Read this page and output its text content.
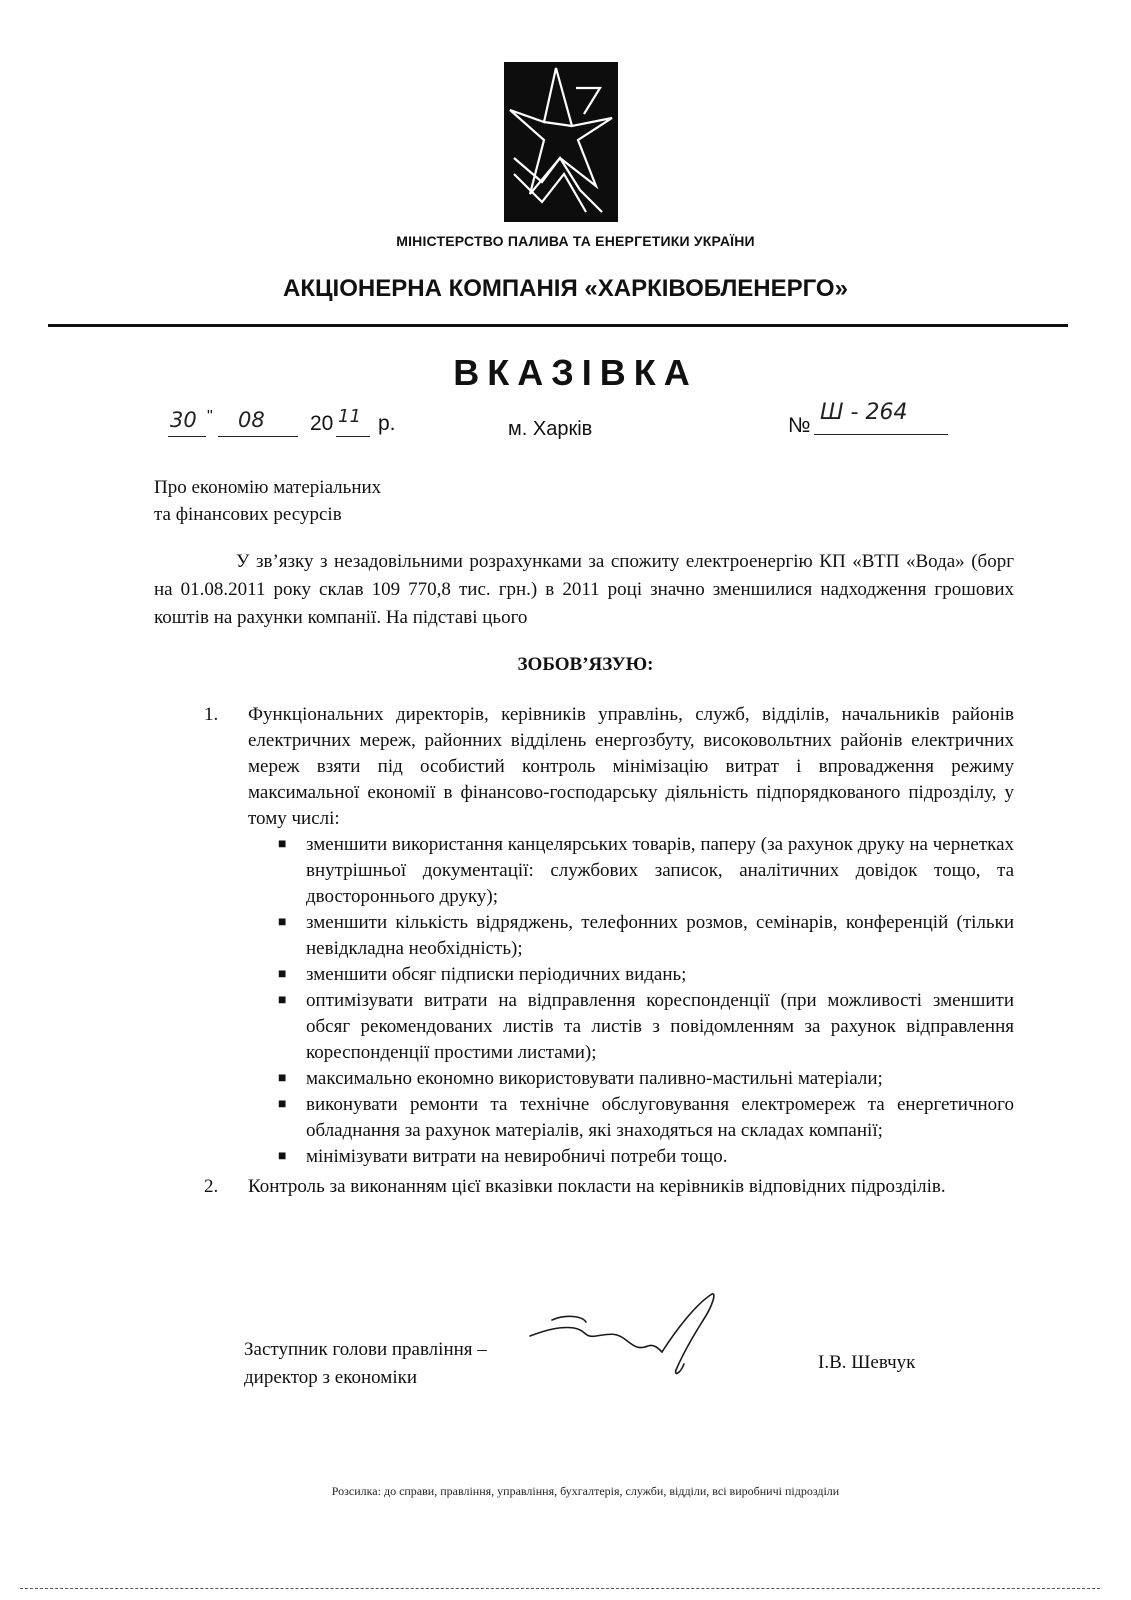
МІНІСТЕРСТВО ПАЛИВА ТА ЕНЕРГЕТИКИ УКРАЇНИ
АКЦІОНЕРНА КОМПАНІЯ «ХАРКІВОБЛЕНЕРГО»
ВКАЗІВКА
30 " 08 20 11 р.	м. Харків	№
Ш - 264
Про економію матеріальних
та фінансових ресурсів
У зв’язку з незадовільними розрахунками за спожиту електроенергію КП «ВТП «Вода» (борг на 01.08.2011 року склав 109 770,8 тис. грн.) в 2011 році значно зменшилися надходження грошових коштів на рахунки компанії. На підставі цього
ЗОБОВ’ЯЗУЮ:
1. Функціональних директорів, керівників управлінь, служб, відділів, начальників районів електричних мереж, районних відділень енергозбуту, високовольтних районів електричних мереж взяти під особистий контроль мінімізацію витрат і впровадження режиму максимальної економії в фінансово-господарську діяльність підпорядкованого підрозділу, у тому числі:
■ зменшити використання канцелярських товарів, паперу (за рахунок друку на чернетках внутрішньої документації: службових записок, аналітичних довідок тощо, та двостороннього друку);
■ зменшити кількість відряджень, телефонних розмов, семінарів, конференцій (тільки невідкладна необхідність);
■ зменшити обсяг підписки періодичних видань;
■ оптимізувати витрати на відправлення кореспонденції (при можливості зменшити обсяг рекомендованих листів та листів з повідомленням за рахунок відправлення кореспонденції простими листами);
■ максимально економно використовувати паливно-мастильні матеріали;
■ виконувати ремонти та технічне обслуговування електромереж та енергетичного обладнання за рахунок матеріалів, які знаходяться на складах компанії;
■ мінімізувати витрати на невиробничі потреби тощо.
2. Контроль за виконанням цієї вказівки покласти на керівників відповідних підрозділів.
Заступник голови правління –
директор з економіки
І.В. Шевчук
Розсилка: до справи, правління, управління, бухгалтерія, служби, відділи, всі виробничі підрозділи
